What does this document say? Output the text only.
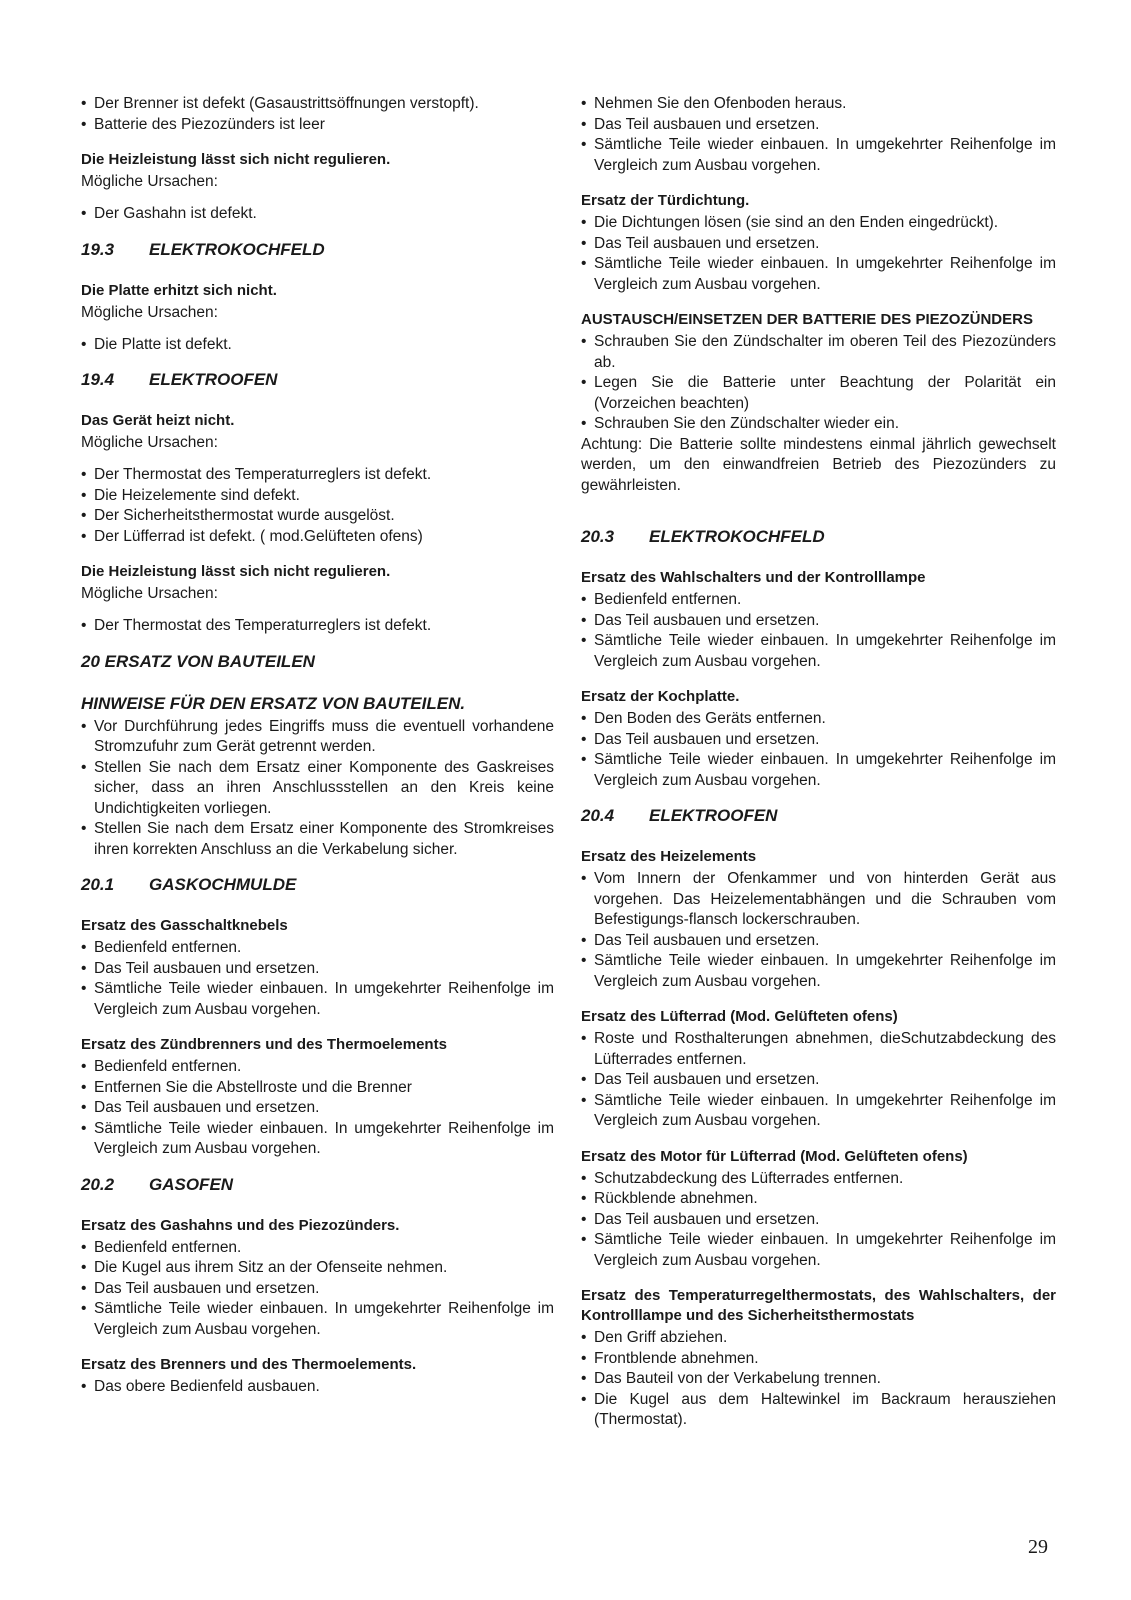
• Der Brenner ist defekt (Gasaustrittsöffnungen verstopft).
• Batterie des Piezozünders ist leer
Die Heizleistung lässt sich nicht regulieren.
Mögliche Ursachen:
• Der Gashahn ist defekt.
19.3	ELEKTROKOCHFELD
Die Platte erhitzt sich nicht.
Mögliche Ursachen:
• Die Platte ist defekt.
19.4	ELEKTROOFEN
Das Gerät heizt nicht.
Mögliche Ursachen:
• Der Thermostat des Temperaturreglers ist defekt.
• Die Heizelemente sind defekt.
• Der Sicherheitsthermostat wurde ausgelöst.
• Der Lüfferrad ist defekt. ( mod.Gelüfteten ofens)
Die Heizleistung lässt sich nicht regulieren.
Mögliche Ursachen:
• Der Thermostat des Temperaturreglers ist defekt.
20 ERSATZ VON BAUTEILEN
HINWEISE FÜR DEN ERSATZ VON BAUTEILEN.
• Vor Durchführung jedes Eingriffs muss die eventuell vorhandene Stromzufuhr zum Gerät getrennt werden.
• Stellen Sie nach dem Ersatz einer Komponente des Gaskreises sicher, dass an ihren Anschlussstellen an den Kreis keine Undichtigkeiten vorliegen.
• Stellen Sie nach dem Ersatz einer Komponente des Stromkreises ihren korrekten Anschluss an die Verkabelung sicher.
20.1	GASKOCHMULDE
Ersatz des Gasschaltknebels
• Bedienfeld entfernen.
• Das Teil ausbauen und ersetzen.
• Sämtliche Teile wieder einbauen. In umgekehrter Reihenfolge im Vergleich zum Ausbau vorgehen.
Ersatz des Zündbrenners und des Thermoelements
• Bedienfeld entfernen.
• Entfernen Sie die Abstellroste und die Brenner
• Das Teil ausbauen und ersetzen.
• Sämtliche Teile wieder einbauen. In umgekehrter Reihenfolge im Vergleich zum Ausbau vorgehen.
20.2	GASOFEN
Ersatz des Gashahns und des Piezozünders.
• Bedienfeld entfernen.
• Die Kugel aus ihrem Sitz an der Ofenseite nehmen.
• Das Teil ausbauen und ersetzen.
• Sämtliche Teile wieder einbauen. In umgekehrter Reihenfolge im Vergleich zum Ausbau vorgehen.
Ersatz des Brenners und des Thermoelements.
• Das obere Bedienfeld ausbauen.
• Nehmen Sie den Ofenboden heraus.
• Das Teil ausbauen und ersetzen.
• Sämtliche Teile wieder einbauen. In umgekehrter Reihenfolge im Vergleich zum Ausbau vorgehen.
Ersatz der Türdichtung.
• Die Dichtungen lösen (sie sind an den Enden eingedrückt).
• Das Teil ausbauen und ersetzen.
• Sämtliche Teile wieder einbauen. In umgekehrter Reihenfolge im Vergleich zum Ausbau vorgehen.
AUSTAUSCH/EINSETZEN DER BATTERIE DES PIEZOZÜNDERS
• Schrauben Sie den Zündschalter im oberen Teil des Piezozünders ab.
• Legen Sie die Batterie unter Beachtung der Polarität ein (Vorzeichen beachten)
• Schrauben Sie den Zündschalter wieder ein.
Achtung: Die Batterie sollte mindestens einmal jährlich gewechselt werden, um den einwandfreien Betrieb des Piezozünders zu gewährleisten.
20.3	ELEKTROKOCHFELD
Ersatz des Wahlschalters und der Kontrolllampe
• Bedienfeld entfernen.
• Das Teil ausbauen und ersetzen.
• Sämtliche Teile wieder einbauen. In umgekehrter Reihenfolge im Vergleich zum Ausbau vorgehen.
Ersatz der Kochplatte.
• Den Boden des Geräts entfernen.
• Das Teil ausbauen und ersetzen.
• Sämtliche Teile wieder einbauen. In umgekehrter Reihenfolge im Vergleich zum Ausbau vorgehen.
20.4	ELEKTROOFEN
Ersatz des Heizelements
• Vom Innern der Ofenkammer und von hinterden Gerät aus vorgehen. Das Heizelementabhängen und die Schrauben vom Befestigungs-flansch lockerschrauben.
• Das Teil ausbauen und ersetzen.
• Sämtliche Teile wieder einbauen. In umgekehrter Reihenfolge im Vergleich zum Ausbau vorgehen.
Ersatz des Lüfterrad (Mod. Gelüfteten ofens)
• Roste und Rosthalterungen abnehmen, dieSchutzabdeckung des Lüfterrades entfernen.
• Das Teil ausbauen und ersetzen.
• Sämtliche Teile wieder einbauen. In umgekehrter Reihenfolge im Vergleich zum Ausbau vorgehen.
Ersatz des Motor für Lüfterrad (Mod. Gelüfteten ofens)
• Schutzabdeckung des Lüfterrades entfernen.
• Rückblende abnehmen.
• Das Teil ausbauen und ersetzen.
• Sämtliche Teile wieder einbauen. In umgekehrter Reihenfolge im Vergleich zum Ausbau vorgehen.
Ersatz des Temperaturregelthermostats, des Wahlschalters, der Kontrolllampe und des Sicherheitsthermostats
• Den Griff abziehen.
• Frontblende abnehmen.
• Das Bauteil von der Verkabelung trennen.
• Die Kugel aus dem Haltewinkel im Backraum herausziehen (Thermostat).
29
